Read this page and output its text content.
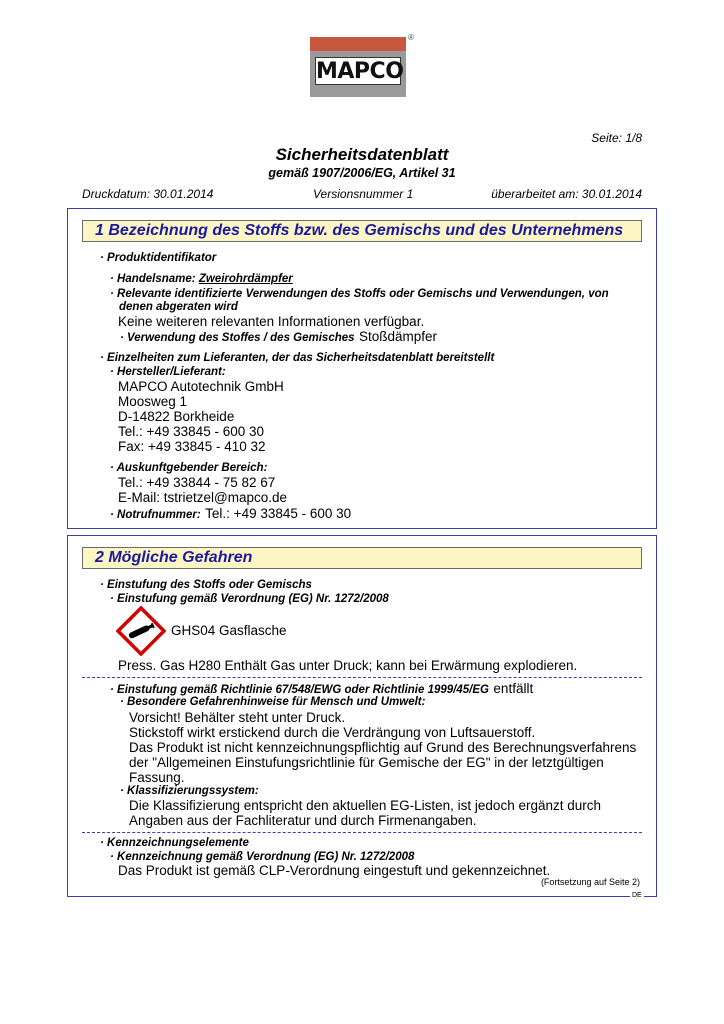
MAPCO
®
Seite: 1/8
Sicherheitsdatenblatt
gemäß 1907/2006/EG, Artikel 31
Druckdatum: 30.01.2014	Versionsnummer 1	überarbeitet am: 30.01.2014
1 Bezeichnung des Stoffs bzw. des Gemischs und des Unternehmens
· Produktidentifikator
· Handelsname: Zweirohrdämpfer
· Relevante identifizierte Verwendungen des Stoffs oder Gemischs und Verwendungen, von
denen abgeraten wird
Keine weiteren relevanten Informationen verfügbar.
· Verwendung des Stoffes / des Gemisches Stoßdämpfer
· Einzelheiten zum Lieferanten, der das Sicherheitsdatenblatt bereitstellt
· Hersteller/Lieferant:
MAPCO Autotechnik GmbH
Moosweg 1
D-14822 Borkheide
Tel.: +49 33845 - 600 30
Fax: +49 33845 - 410 32
· Auskunftgebender Bereich:
Tel.: +49 33844 - 75 82 67
E-Mail: tstrietzel@mapco.de
· Notrufnummer: Tel.: +49 33845 - 600 30
2 Mögliche Gefahren
· Einstufung des Stoffs oder Gemischs
· Einstufung gemäß Verordnung (EG) Nr. 1272/2008
GHS04 Gasflasche
Press. Gas H280 Enthält Gas unter Druck; kann bei Erwärmung explodieren.
· Einstufung gemäß Richtlinie 67/548/EWG oder Richtlinie 1999/45/EG entfällt
· Besondere Gefahrenhinweise für Mensch und Umwelt:
Vorsicht! Behälter steht unter Druck.
Stickstoff wirkt erstickend durch die Verdrängung von Luftsauerstoff.
Das Produkt ist nicht kennzeichnungspflichtig auf Grund des Berechnungsverfahrens
der "Allgemeinen Einstufungsrichtlinie für Gemische der EG" in der letztgültigen
Fassung.
· Klassifizierungssystem:
Die Klassifizierung entspricht den aktuellen EG-Listen, ist jedoch ergänzt durch
Angaben aus der Fachliteratur und durch Firmenangaben.
· Kennzeichnungselemente
· Kennzeichnung gemäß Verordnung (EG) Nr. 1272/2008
Das Produkt ist gemäß CLP-Verordnung eingestuft und gekennzeichnet.
(Fortsetzung auf Seite 2)
DE
